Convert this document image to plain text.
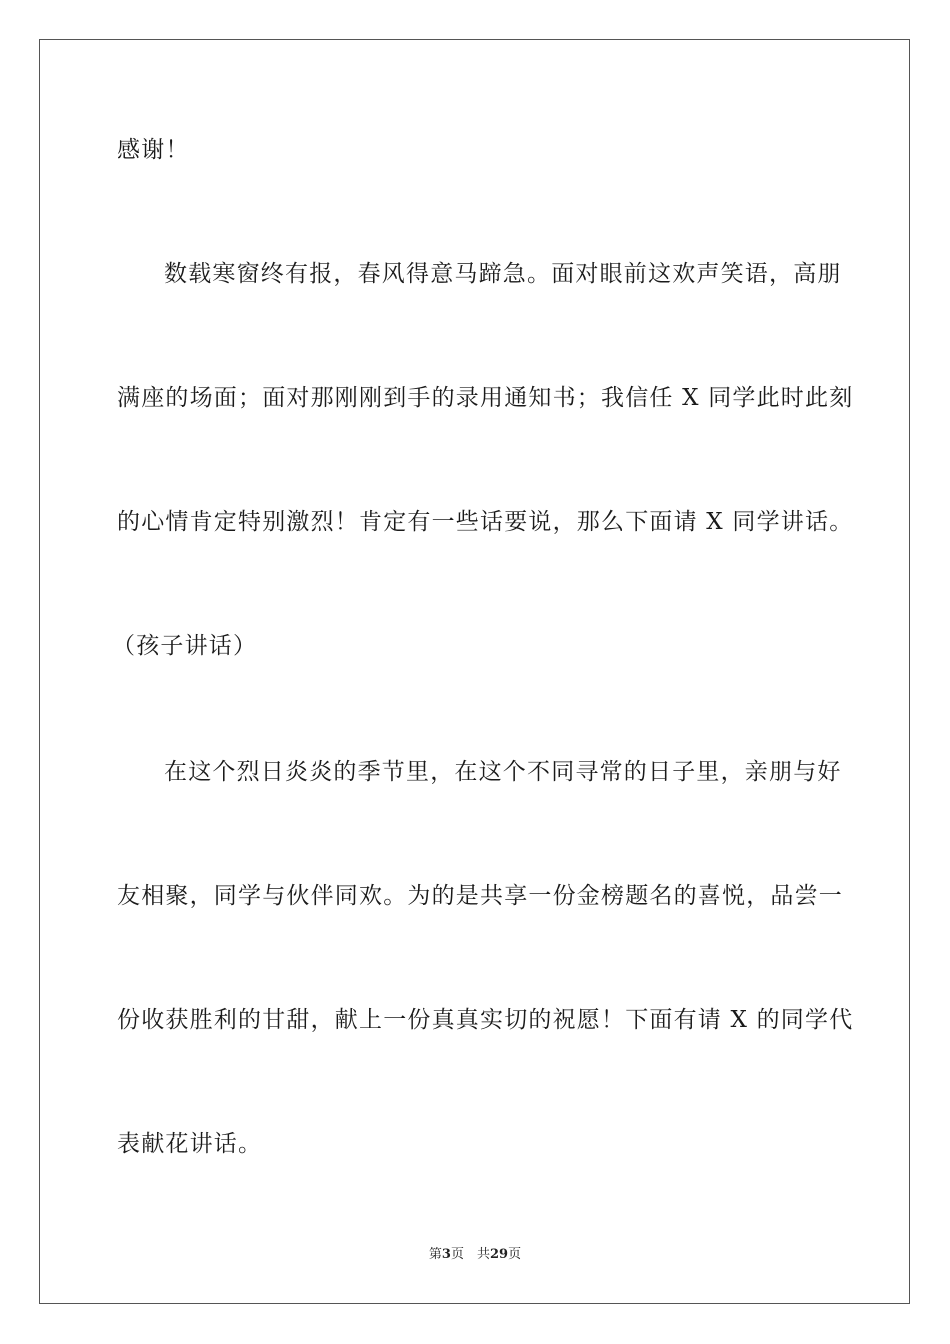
感谢！
数载寒窗终有报，春风得意马蹄急。面对眼前这欢声笑语，高朋
满座的场面；面对那刚刚到手的录用通知书；我信任 X 同学此时此刻
的心情肯定特别激烈！肯定有一些话要说，那么下面请 X 同学讲话。
（孩子讲话）
在这个烈日炎炎的季节里，在这个不同寻常的日子里，亲朋与好
友相聚，同学与伙伴同欢。为的是共享一份金榜题名的喜悦，品尝一
份收获胜利的甘甜，献上一份真真实切的祝愿！下面有请 X 的同学代
表献花讲话。
第3页　共29页
